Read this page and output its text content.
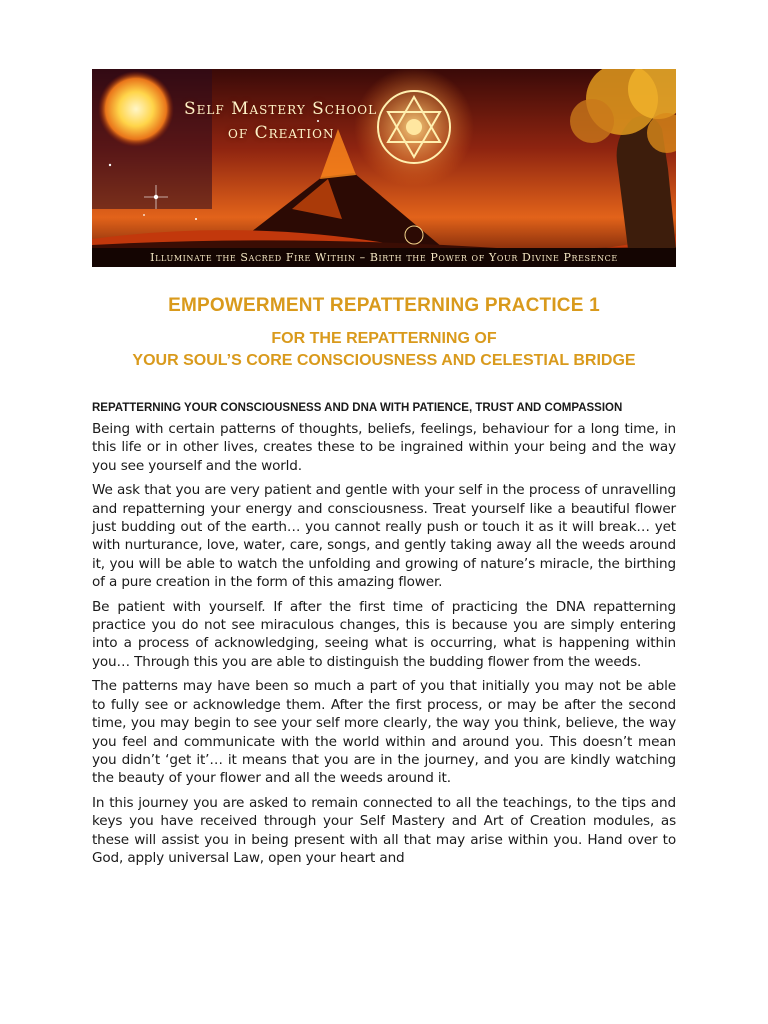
Self Mastery School
of Creation
Illuminate the Sacred Fire Within – Birth the Power of Your Divine Presence
EMPOWERMENT REPATTERNING PRACTICE 1
FOR THE REPATTERNING OF
YOUR SOUL’S CORE CONSCIOUSNESS AND CELESTIAL BRIDGE
REPATTERNING YOUR CONSCIOUSNESS AND DNA WITH PATIENCE, TRUST AND COMPASSION

Being with certain patterns of thoughts, beliefs, feelings, behaviour for a long time, in this life or in other lives, creates these to be ingrained within your being and the way you see yourself and the world.

We ask that you are very patient and gentle with your self in the process of unravelling and repatterning your energy and consciousness. Treat yourself like a beautiful flower just budding out of the earth… you cannot really push or touch it as it will break… yet with nurturance, love, water, care, songs, and gently taking away all the weeds around it, you will be able to watch the unfolding and growing of nature’s miracle, the birthing of a pure creation in the form of this amazing flower.

Be patient with yourself. If after the first time of practicing the DNA repatterning practice you do not see miraculous changes, this is because you are simply entering into a process of acknowledging, seeing what is occurring, what is happening within you… Through this you are able to distinguish the budding flower from the weeds.

The patterns may have been so much a part of you that initially you may not be able to fully see or acknowledge them. After the first process, or may be after the second time, you may begin to see your self more clearly, the way you think, believe, the way you feel and communicate with the world within and around you. This doesn’t mean you didn’t ‘get it’… it means that you are in the journey, and you are kindly watching the beauty of your flower and all the weeds around it.

In this journey you are asked to remain connected to all the teachings, to the tips and keys you have received through your Self Mastery and Art of Creation modules, as these will assist you in being present with all that may arise within you. Hand over to God, apply universal Law, open your heart and
